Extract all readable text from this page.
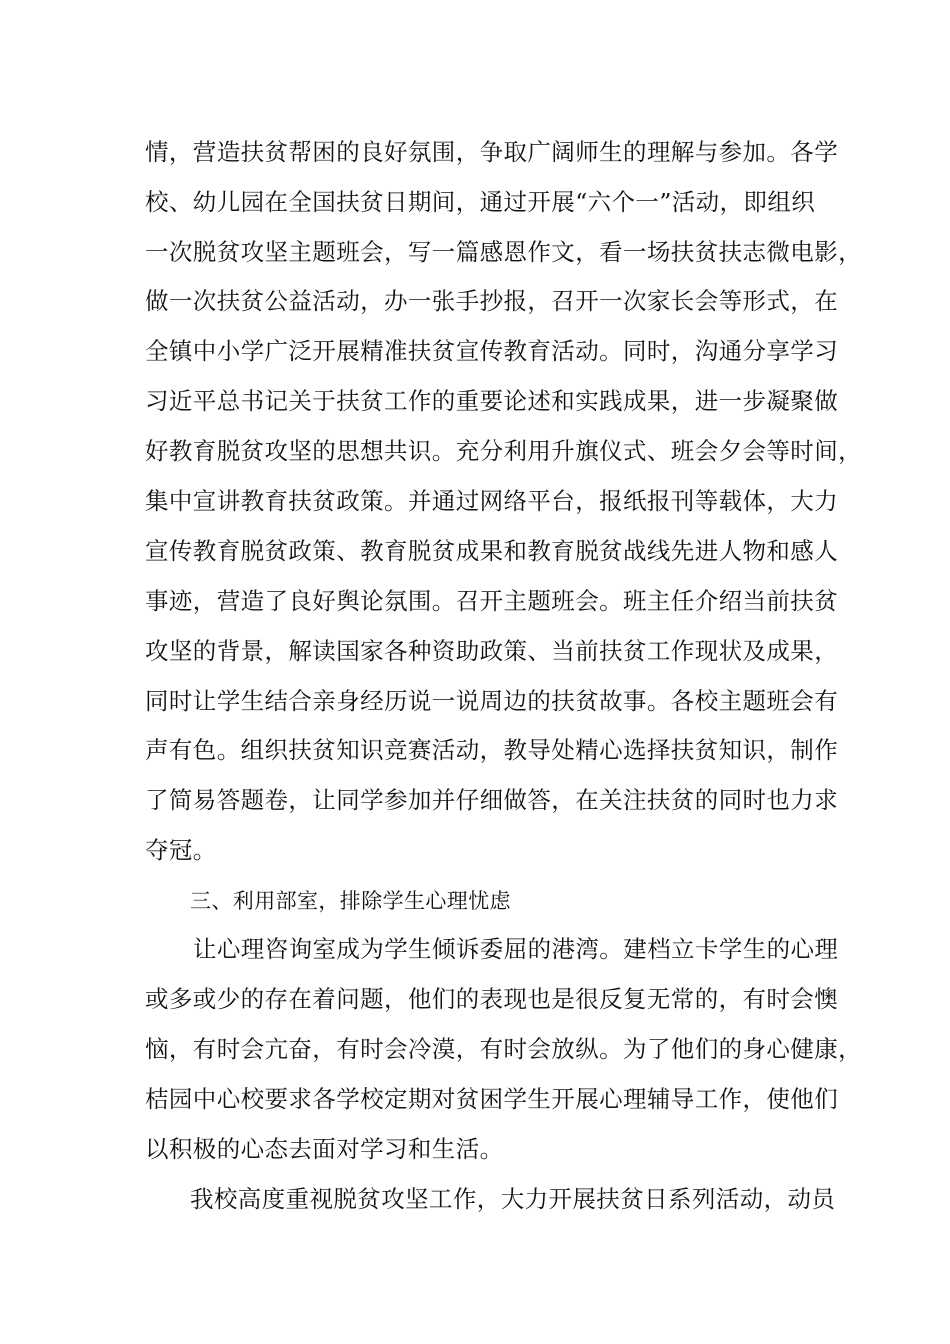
情，营造扶贫帮困的良好氛围，争取广阔师生的理解与参加。各学
校、幼儿园在全国扶贫日期间，通过开展“六个一”活动，即组织
一次脱贫攻坚主题班会，写一篇感恩作文，看一场扶贫扶志微电影，
做一次扶贫公益活动，办一张手抄报，召开一次家长会等形式，在
全镇中小学广泛开展精准扶贫宣传教育活动。同时，沟通分享学习
习近平总书记关于扶贫工作的重要论述和实践成果，进一步凝聚做
好教育脱贫攻坚的思想共识。充分利用升旗仪式、班会夕会等时间，
集中宣讲教育扶贫政策。并通过网络平台，报纸报刊等载体，大力
宣传教育脱贫政策、教育脱贫成果和教育脱贫战线先进人物和感人
事迹，营造了良好舆论氛围。召开主题班会。班主任介绍当前扶贫
攻坚的背景，解读国家各种资助政策、当前扶贫工作现状及成果，
同时让学生结合亲身经历说一说周边的扶贫故事。各校主题班会有
声有色。组织扶贫知识竞赛活动，教导处精心选择扶贫知识，制作
了简易答题卷，让同学参加并仔细做答，在关注扶贫的同时也力求
夺冠。
三、利用部室，排除学生心理忧虑
让心理咨询室成为学生倾诉委屈的港湾。建档立卡学生的心理
或多或少的存在着问题，他们的表现也是很反复无常的，有时会懊
恼，有时会亢奋，有时会冷漠，有时会放纵。为了他们的身心健康，
桔园中心校要求各学校定期对贫困学生开展心理辅导工作，使他们
以积极的心态去面对学习和生活。
我校高度重视脱贫攻坚工作，大力开展扶贫日系列活动，动员
